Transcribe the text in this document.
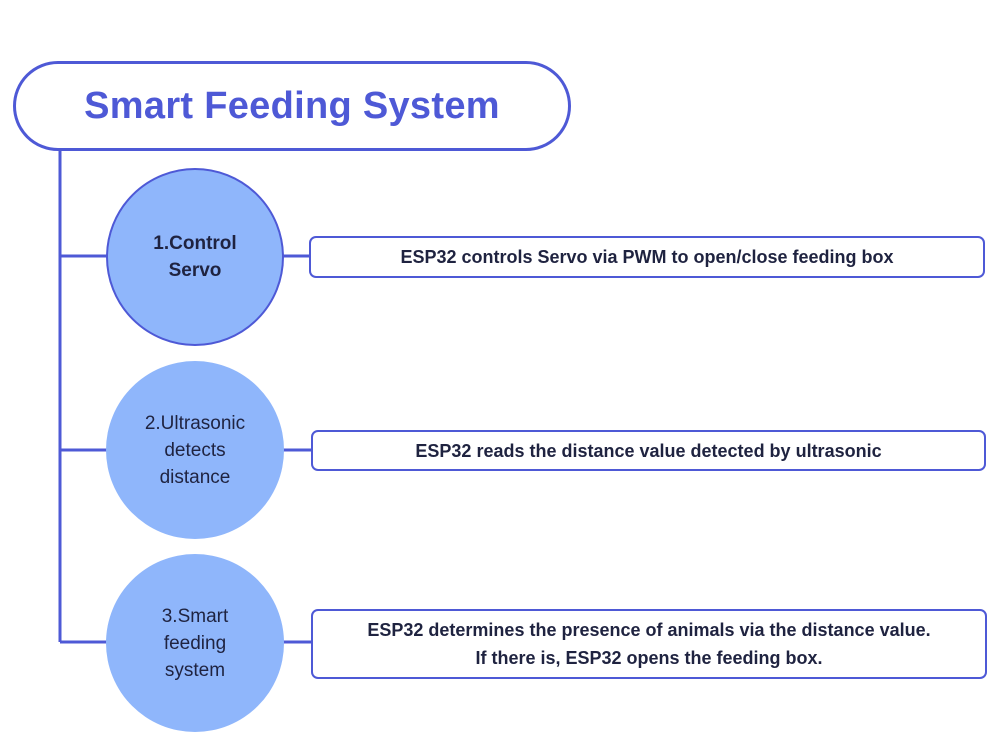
Smart Feeding System
1.Control
Servo
2.Ultrasonic
detects
distance
3.Smart
feeding
system
ESP32 controls Servo via PWM to open/close feeding box
ESP32 reads the distance value detected by ultrasonic
ESP32 determines the presence of animals via the distance value.
If there is, ESP32 opens the feeding box.
